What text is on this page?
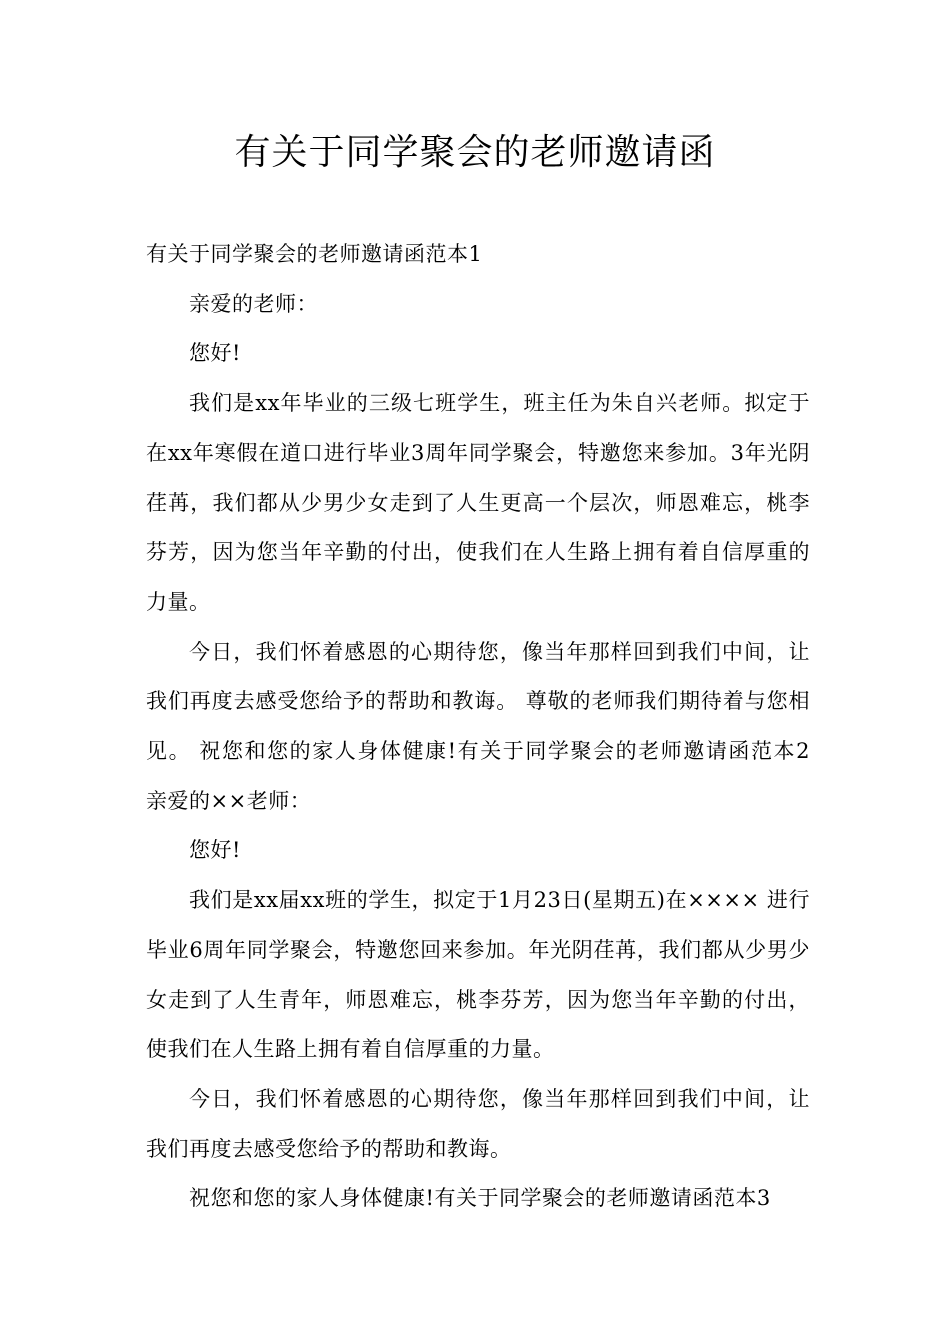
有关于同学聚会的老师邀请函

有关于同学聚会的老师邀请函范本1

亲爱的老师：

您好!

我们是xx年毕业的三级七班学生，班主任为朱自兴老师。拟定于在xx年寒假在道口进行毕业3周年同学聚会，特邀您来参加。3年光阴荏苒，我们都从少男少女走到了人生更高一个层次，师恩难忘，桃李芬芳，因为您当年辛勤的付出，使我们在人生路上拥有着自信厚重的力量。

今日，我们怀着感恩的心期待您，像当年那样回到我们中间，让我们再度去感受您给予的帮助和教诲。 尊敬的老师我们期待着与您相见。 祝您和您的家人身体健康!有关于同学聚会的老师邀请函范本2　　亲爱的××老师：

您好!

我们是xx届xx班的学生，拟定于1月23日(星期五)在×××× 进行毕业6周年同学聚会，特邀您回来参加。年光阴荏苒，我们都从少男少女走到了人生青年，师恩难忘，桃李芬芳，因为您当年辛勤的付出，使我们在人生路上拥有着自信厚重的力量。

今日，我们怀着感恩的心期待您，像当年那样回到我们中间，让我们再度去感受您给予的帮助和教诲。

祝您和您的家人身体健康!有关于同学聚会的老师邀请函范本3
